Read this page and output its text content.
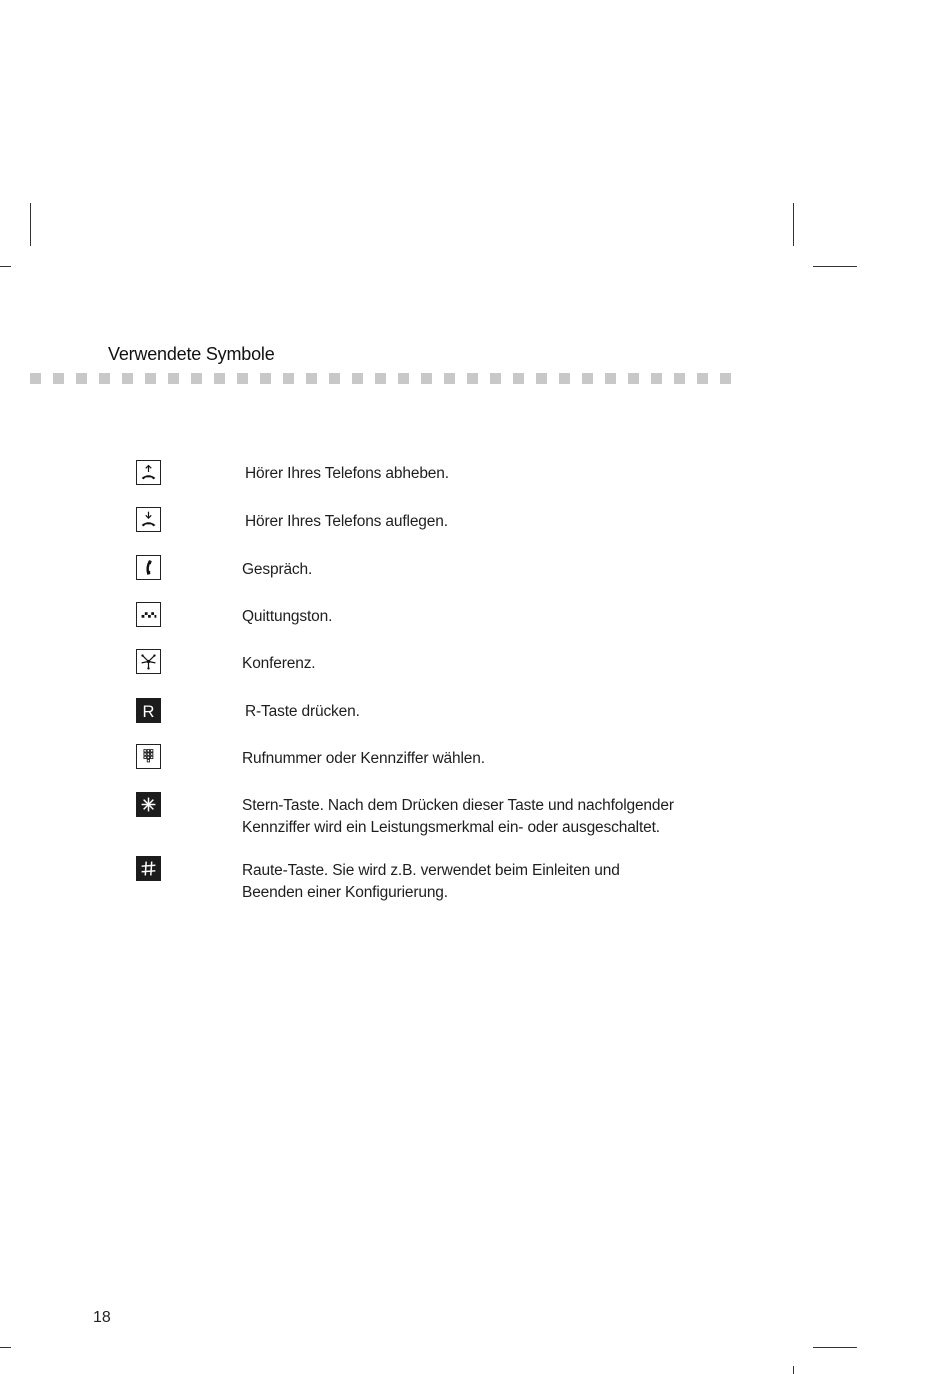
Verwendete Symbole
Hörer Ihres Telefons abheben.
Hörer Ihres Telefons auflegen.
Gespräch.
Quittungston.
Konferenz.
R	R-Taste drücken.
Rufnummer oder Kennziffer wählen.
Stern-Taste. Nach dem Drücken dieser Taste und nachfolgender Kennziffer wird ein Leistungsmerkmal ein- oder ausgeschaltet.
Raute-Taste. Sie wird z.B. verwendet beim Einleiten und Beenden einer Konfigurierung.
18
